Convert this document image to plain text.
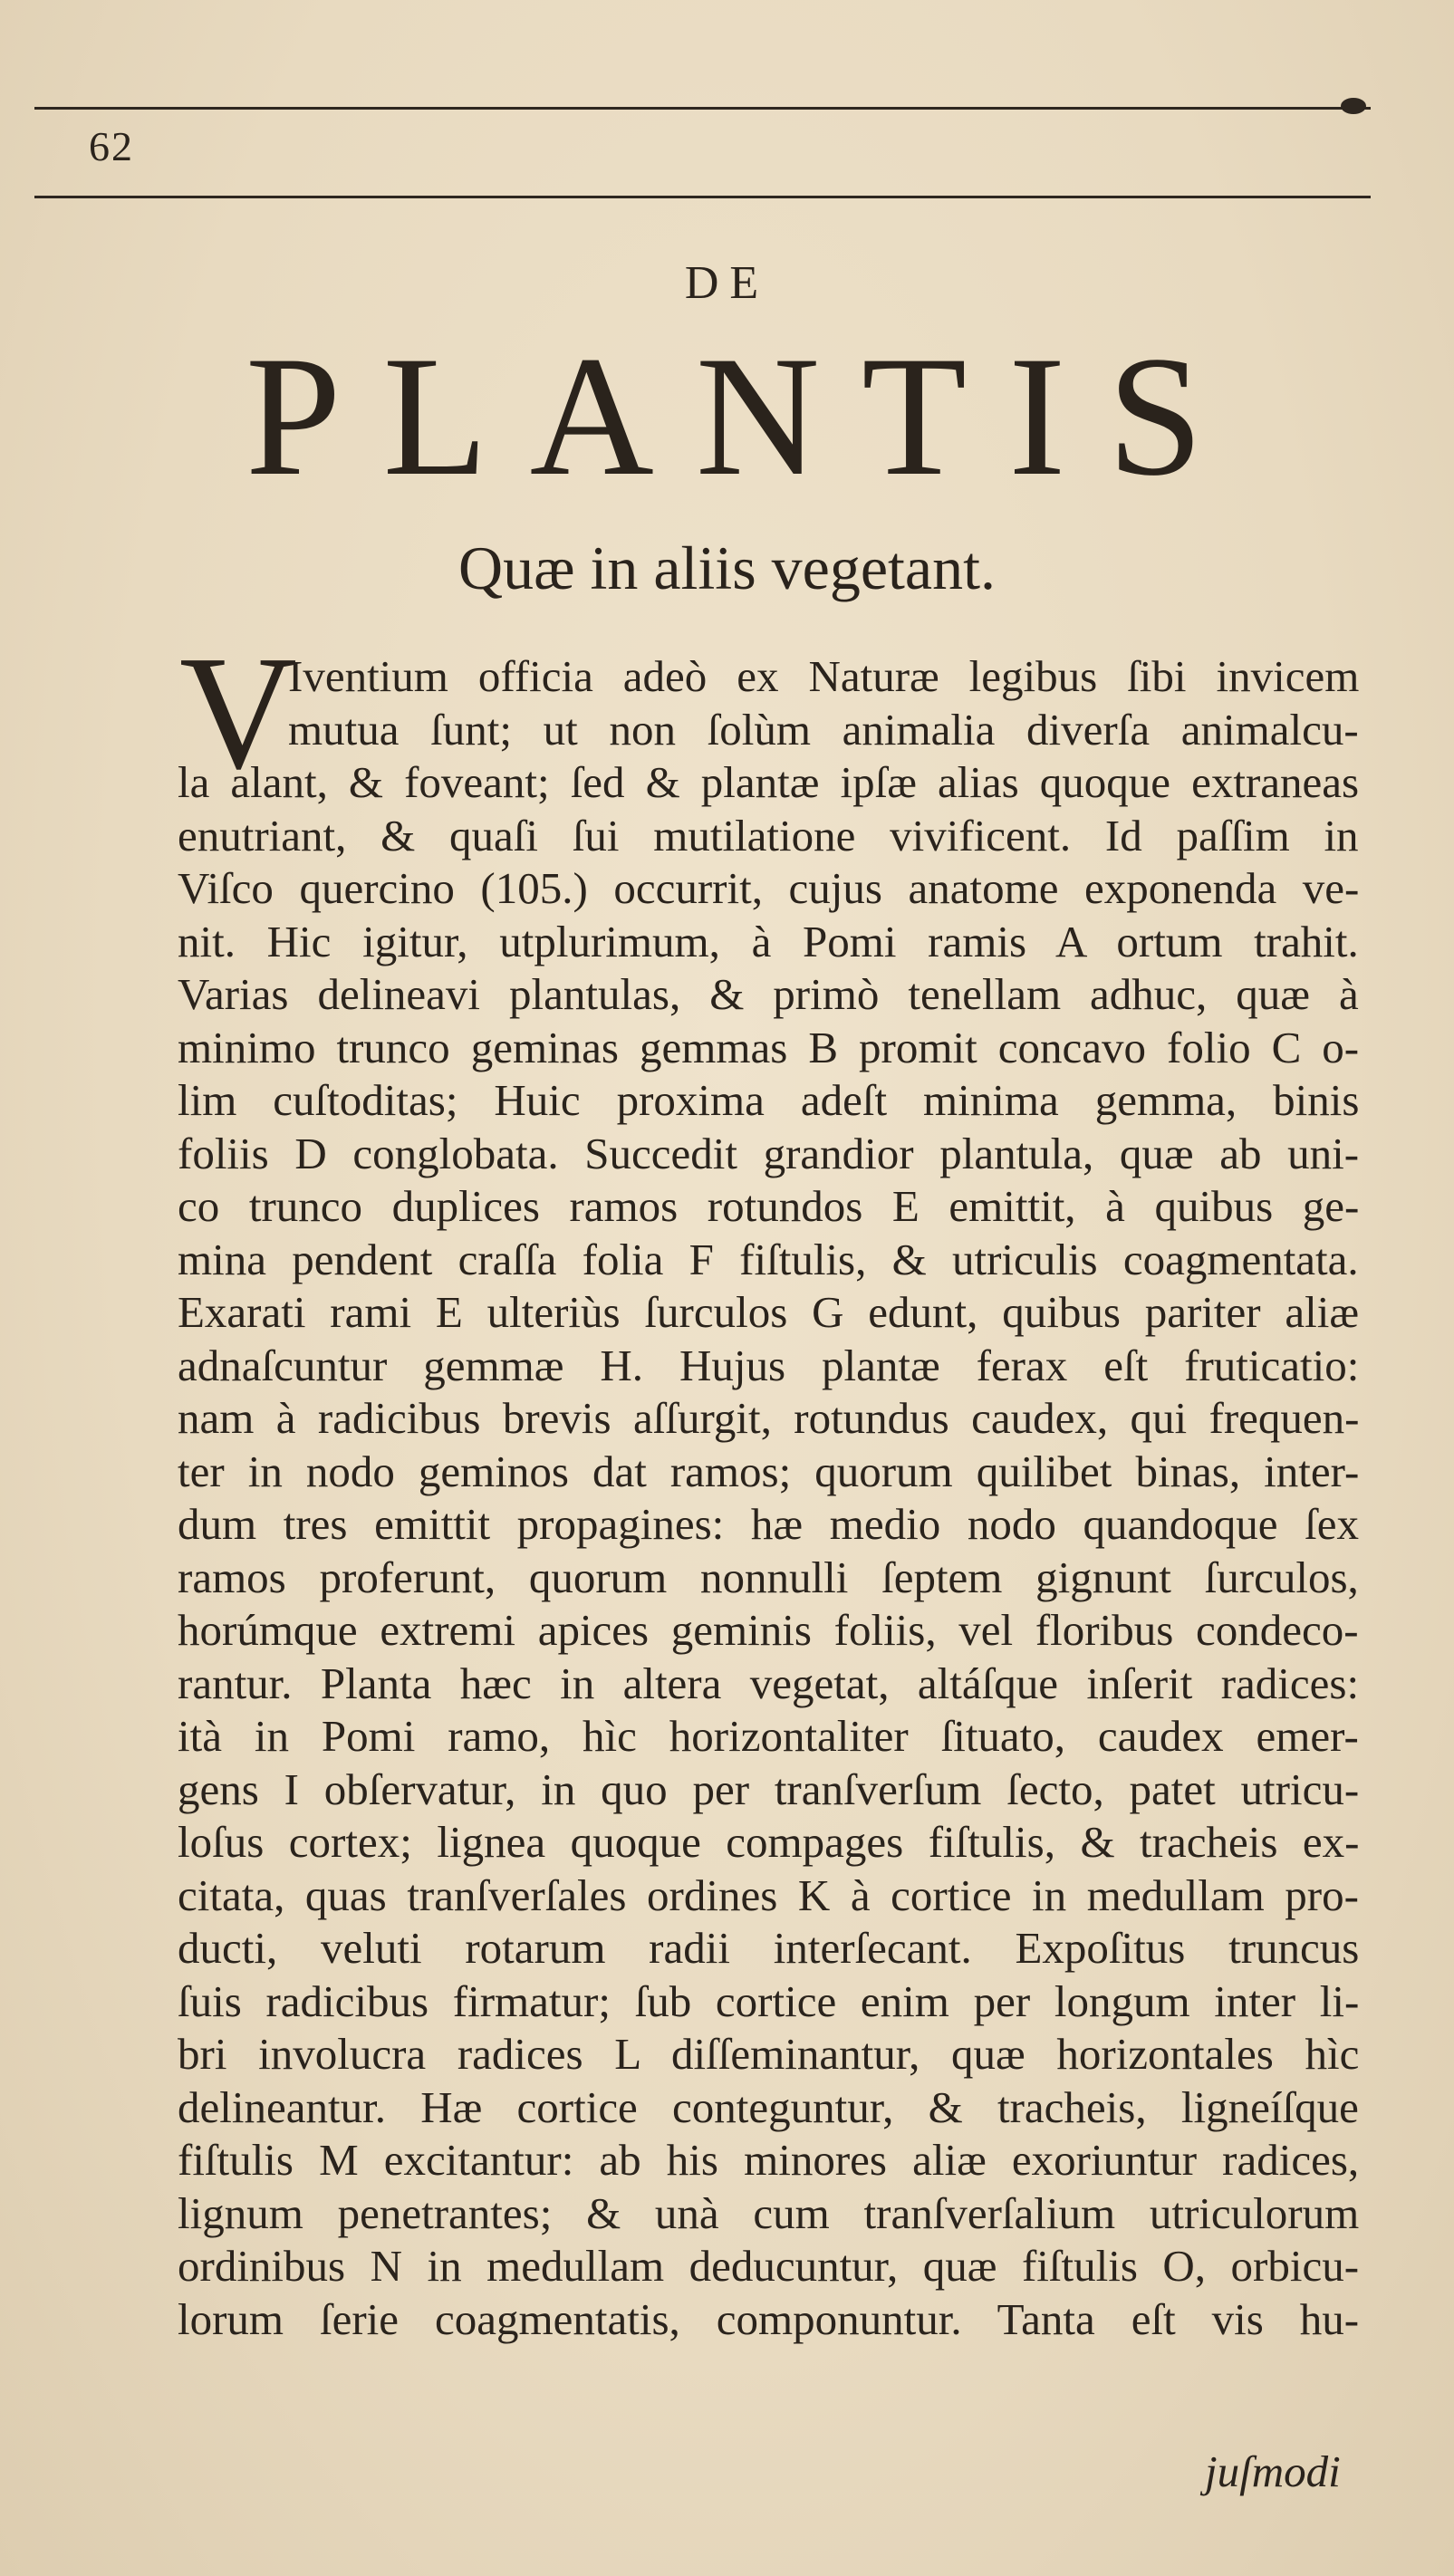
62
DE
PLANTIS
Quæ in aliis vegetant.
V
Iventium officia adeò ex Naturæ legibus ſibi invicem
mutua ſunt; ut non ſolùm animalia diverſa animalcu-
la alant, & foveant; ſed & plantæ ipſæ alias quoque extraneas
enutriant, & quaſi ſui mutilatione vivificent. Id paſſim in
Viſco quercino (105.) occurrit, cujus anatome exponenda ve-
nit. Hic igitur, utplurimum, à Pomi ramis A ortum trahit.
Varias delineavi plantulas, & primò tenellam adhuc, quæ à
minimo trunco geminas gemmas B promit concavo folio C o-
lim cuſtoditas; Huic proxima adeſt minima gemma, binis
foliis D conglobata. Succedit grandior plantula, quæ ab uni-
co trunco duplices ramos rotundos E emittit, à quibus ge-
mina pendent craſſa folia F fiſtulis, & utriculis coagmentata.
Exarati rami E ulteriùs ſurculos G edunt, quibus pariter aliæ
adnaſcuntur gemmæ H. Hujus plantæ ferax eſt fruticatio:
nam à radicibus brevis aſſurgit, rotundus caudex, qui frequen-
ter in nodo geminos dat ramos; quorum quilibet binas, inter-
dum tres emittit propagines: hæ medio nodo quandoque ſex
ramos proferunt, quorum nonnulli ſeptem gignunt ſurculos,
horúmque extremi apices geminis foliis, vel floribus condeco-
rantur. Planta hæc in altera vegetat, altáſque inſerit radices:
ità in Pomi ramo, hìc horizontaliter ſituato, caudex emer-
gens I obſervatur, in quo per tranſverſum ſecto, patet utricu-
loſus cortex; lignea quoque compages fiſtulis, & tracheis ex-
citata, quas tranſverſales ordines K à cortice in medullam pro-
ducti, veluti rotarum radii interſecant. Expoſitus truncus
ſuis radicibus firmatur; ſub cortice enim per longum inter li-
bri involucra radices L diſſeminantur, quæ horizontales hìc
delineantur. Hæ cortice conteguntur, & tracheis, ligneíſque
fiſtulis M excitantur: ab his minores aliæ exoriuntur radices,
lignum penetrantes; & unà cum tranſverſalium utriculorum
ordinibus N in medullam deducuntur, quæ fiſtulis O, orbicu-
lorum ſerie coagmentatis, componuntur. Tanta eſt vis hu-
juſmodi
